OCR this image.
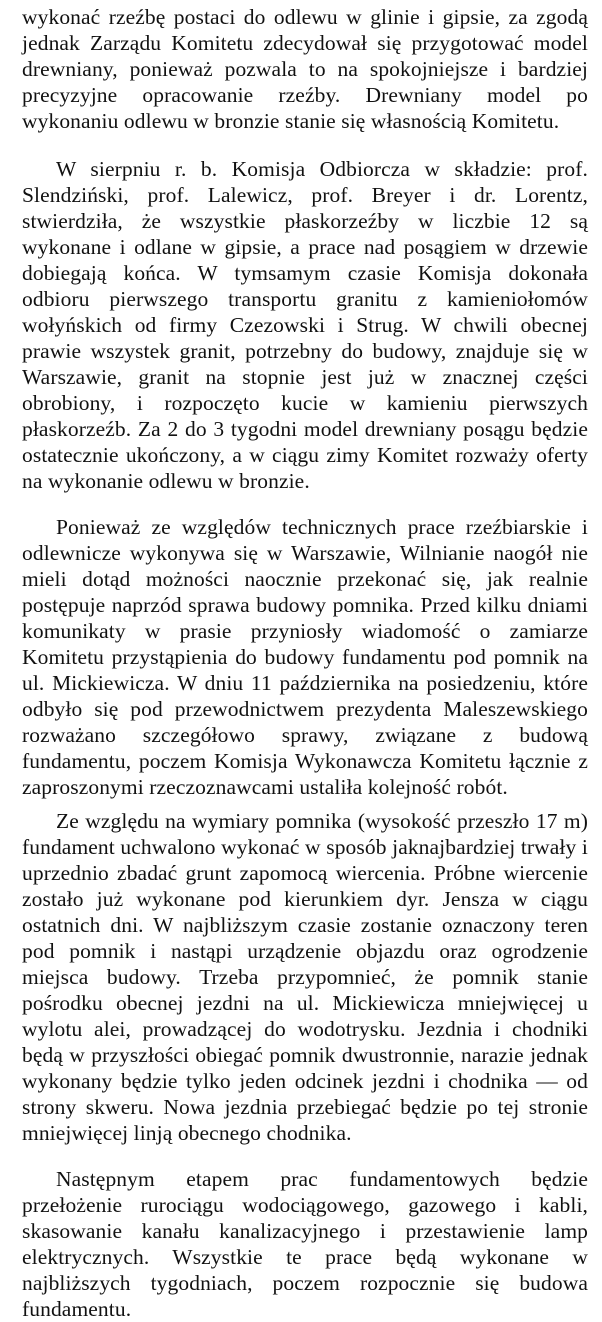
wykonać rzeźbę postaci do odlewu w glinie i gipsie, za zgodą jednak Zarządu Komitetu zdecydował się przygotować model drewniany, ponieważ pozwala to na spokojniejsze i bardziej precyzyjne opracowanie rzeźby. Drewniany model po wykonaniu odlewu w bronzie stanie się własnością Komitetu.

W sierpniu r. b. Komisja Odbiorcza w składzie: prof. Slendziński, prof. Lalewicz, prof. Breyer i dr. Lorentz, stwierdziła, że wszystkie płaskorzeźby w liczbie 12 są wykonane i odlane w gipsie, a prace nad posągiem w drzewie dobiegają końca. W tymsamym czasie Komisja dokonała odbioru pierwszego transportu granitu z kamieniołomów wołyńskich od firmy Czezowski i Strug. W chwili obecnej prawie wszystek granit, potrzebny do budowy, znajduje się w Warszawie, granit na stopnie jest już w znacznej części obrobiony, i rozpoczęto kucie w kamieniu pierwszych płaskorzeźb. Za 2 do 3 tygodni model drewniany posągu będzie ostatecznie ukończony, a w ciągu zimy Komitet rozważy oferty na wykonanie odlewu w bronzie.

Ponieważ ze względów technicznych prace rzeźbiarskie i odlewnicze wykonywa się w Warszawie, Wilnianie naogół nie mieli dotąd możności naocznie przekonać się, jak realnie postępuje naprzód sprawa budowy pomnika. Przed kilku dniami komunikaty w prasie przyniosły wiadomość o zamiarze Komitetu przystąpienia do budowy fundamentu pod pomnik na ul. Mickiewicza. W dniu 11 października na posiedzeniu, które odbyło się pod przewodnictwem prezydenta Maleszewskiego rozważano szczegółowo sprawy, związane z budową fundamentu, poczem Komisja Wykonawcza Komitetu łącznie z zaproszonymi rzeczoznawcami ustaliła kolejność robót.

Ze względu na wymiary pomnika (wysokość przeszło 17 m) fundament uchwalono wykonać w sposób jaknajbardziej trwały i uprzednio zbadać grunt zapomocą wiercenia. Próbne wiercenie zostało już wykonane pod kierunkiem dyr. Jensza w ciągu ostatnich dni. W najbliższym czasie zostanie oznaczony teren pod pomnik i nastąpi urządzenie objazdu oraz ogrodzenie miejsca budowy. Trzeba przypomnieć, że pomnik stanie pośrodku obecnej jezdni na ul. Mickiewicza mniejwięcej u wylotu alei, prowadzącej do wodotrysku. Jezdnia i chodniki będą w przyszłości obiegać pomnik dwustronnie, narazie jednak wykonany będzie tylko jeden odcinek jezdni i chodnika — od strony skweru. Nowa jezdnia przebiegać będzie po tej stronie mniejwięcej linją obecnego chodnika.

Następnym etapem prac fundamentowych będzie przełożenie rurociągu wodociągowego, gazowego i kabli, skasowanie kanału kanalizacyjnego i przestawienie lamp elektrycznych. Wszystkie te prace będą wykonane w najbliższych tygodniach, poczem rozpocznie się budowa fundamentu.
